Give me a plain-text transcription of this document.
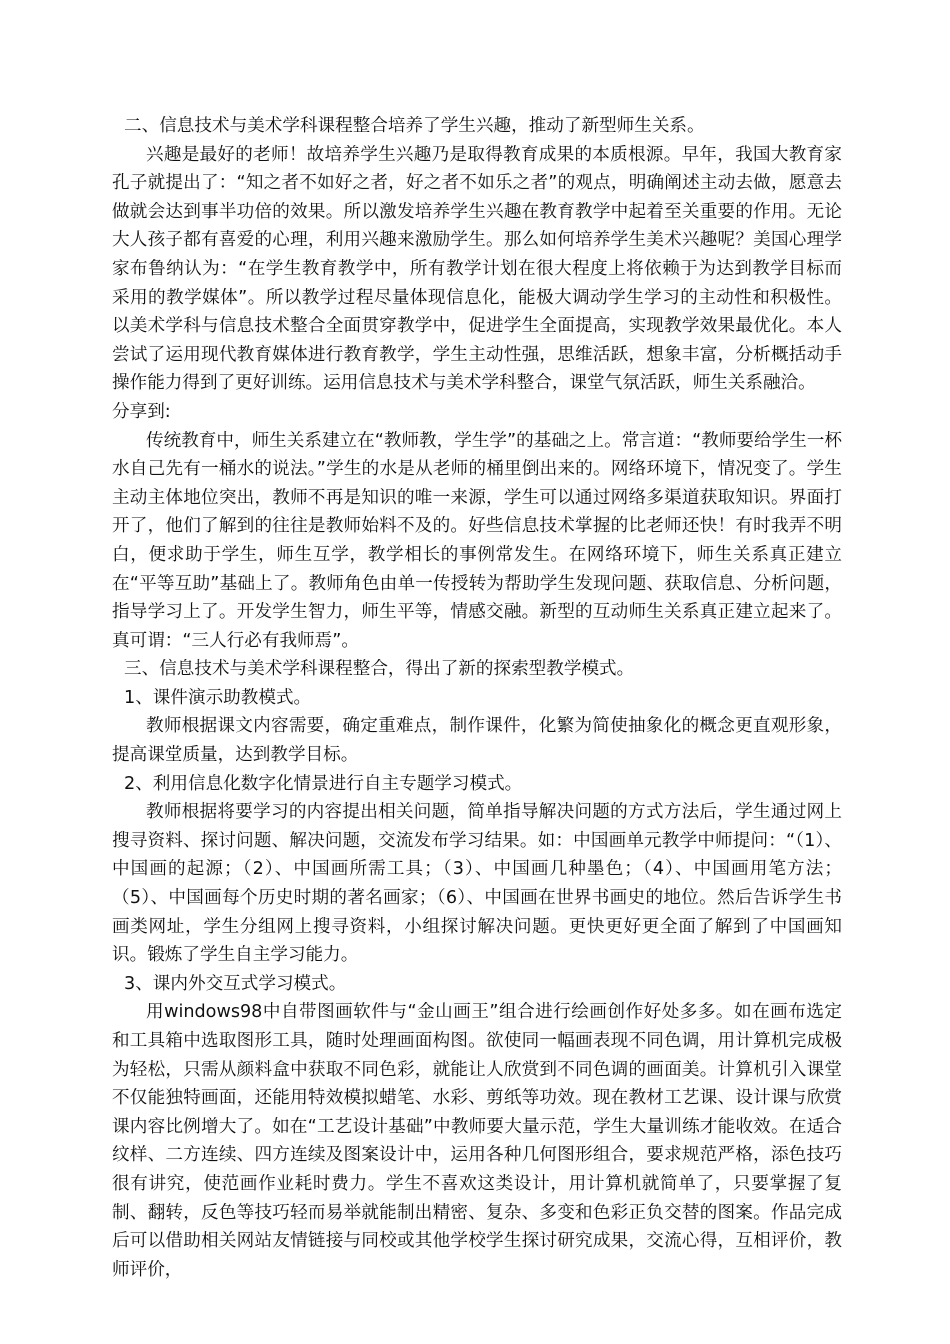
二、信息技术与美术学科课程整合培养了学生兴趣，推动了新型师生关系。

兴趣是最好的老师！故培养学生兴趣乃是取得教育成果的本质根源。早年，我国大教育家孔子就提出了：“知之者不如好之者，好之者不如乐之者”的观点，明确阐述主动去做，愿意去做就会达到事半功倍的效果。所以激发培养学生兴趣在教育教学中起着至关重要的作用。无论大人孩子都有喜爱的心理，利用兴趣来激励学生。那么如何培养学生美术兴趣呢？美国心理学家布鲁纳认为：“在学生教育教学中，所有教学计划在很大程度上将依赖于为达到教学目标而采用的教学媒体”。所以教学过程尽量体现信息化，能极大调动学生学习的主动性和积极性。以美术学科与信息技术整合全面贯穿教学中，促进学生全面提高，实现教学效果最优化。本人尝试了运用现代教育媒体进行教育教学，学生主动性强，思维活跃，想象丰富，分析概括动手操作能力得到了更好训练。运用信息技术与美术学科整合，课堂气氛活跃，师生关系融洽。

分享到:

传统教育中，师生关系建立在“教师教，学生学”的基础之上。常言道：“教师要给学生一杯水自己先有一桶水的说法。”学生的水是从老师的桶里倒出来的。网络环境下，情况变了。学生主动主体地位突出，教师不再是知识的唯一来源，学生可以通过网络多渠道获取知识。界面打开了，他们了解到的往往是教师始料不及的。好些信息技术掌握的比老师还快！有时我弄不明白，便求助于学生，师生互学，教学相长的事例常发生。在网络环境下，师生关系真正建立在“平等互助”基础上了。教师角色由单一传授转为帮助学生发现问题、获取信息、分析问题，指导学习上了。开发学生智力，师生平等，情感交融。新型的互动师生关系真正建立起来了。真可谓：“三人行必有我师焉”。

三、信息技术与美术学科课程整合，得出了新的探索型教学模式。

1、课件演示助教模式。

教师根据课文内容需要，确定重难点，制作课件，化繁为简使抽象化的概念更直观形象，提高课堂质量，达到教学目标。

2、利用信息化数字化情景进行自主专题学习模式。

教师根据将要学习的内容提出相关问题，简单指导解决问题的方式方法后，学生通过网上搜寻资料、探讨问题、解决问题，交流发布学习结果。如：中国画单元教学中师提问：“（1）、中国画的起源；（2）、中国画所需工具；（3）、中国画几种墨色；（4）、中国画用笔方法；（5）、中国画每个历史时期的著名画家；（6）、中国画在世界书画史的地位。然后告诉学生书画类网址，学生分组网上搜寻资料，小组探讨解决问题。更快更好更全面了解到了中国画知识。锻炼了学生自主学习能力。

3、课内外交互式学习模式。

用windows98中自带图画软件与“金山画王”组合进行绘画创作好处多多。如在画布选定和工具箱中选取图形工具，随时处理画面构图。欲使同一幅画表现不同色调，用计算机完成极为轻松，只需从颜料盒中获取不同色彩，就能让人欣赏到不同色调的画面美。计算机引入课堂不仅能独特画面，还能用特效模拟蜡笔、水彩、剪纸等功效。现在教材工艺课、设计课与欣赏课内容比例增大了。如在“工艺设计基础”中教师要大量示范，学生大量训练才能收效。在适合纹样、二方连续、四方连续及图案设计中，运用各种几何图形组合，要求规范严格，添色技巧很有讲究，使范画作业耗时费力。学生不喜欢这类设计，用计算机就简单了，只要掌握了复制、翻转，反色等技巧轻而易举就能制出精密、复杂、多变和色彩正负交替的图案。作品完成后可以借助相关网站友情链接与同校或其他学校学生探讨研究成果，交流心得，互相评价，教师评价，
